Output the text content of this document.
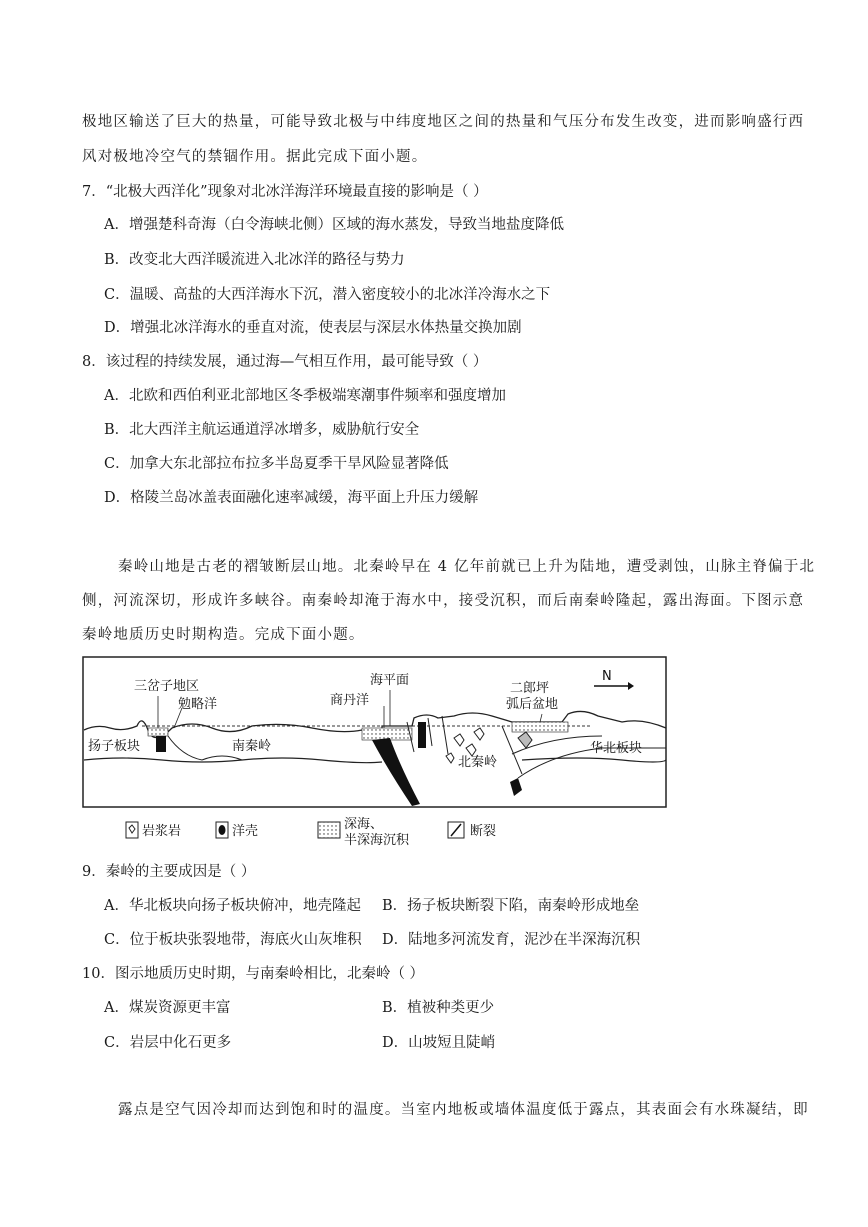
极地区输送了巨大的热量，可能导致北极与中纬度地区之间的热量和气压分布发生改变，进而影响盛行西
风对极地冷空气的禁锢作用。据此完成下面小题。
7．“北极大西洋化”现象对北冰洋海洋环境最直接的影响是（ ）
A．增强楚科奇海（白令海峡北侧）区域的海水蒸发，导致当地盐度降低
B．改变北大西洋暖流进入北冰洋的路径与势力
C．温暖、高盐的大西洋海水下沉，潜入密度较小的北冰洋冷海水之下
D．增强北冰洋海水的垂直对流，使表层与深层水体热量交换加剧
8．该过程的持续发展，通过海—气相互作用，最可能导致（ ）
A．北欧和西伯利亚北部地区冬季极端寒潮事件频率和强度增加
B．北大西洋主航运通道浮冰增多，威胁航行安全
C．加拿大东北部拉布拉多半岛夏季干旱风险显著降低
D．格陵兰岛冰盖表面融化速率减缓，海平面上升压力缓解
秦岭山地是古老的褶皱断层山地。北秦岭早在 4 亿年前就已上升为陆地，遭受剥蚀，山脉主脊偏于北
侧，河流深切，形成许多峡谷。南秦岭却淹于海水中，接受沉积，而后南秦岭隆起，露出海面。下图示意
秦岭地质历史时期构造。完成下面小题。
三岔子地区
勉略洋
海平面
商丹洋
二郎坪
弧后盆地
N
扬子板块	南秦岭
北秦岭
华北板块
岩浆岩	洋壳	深海、
半深海沉积
断裂
9．秦岭的主要成因是（ ）
A．华北板块向扬子板块俯冲，地壳隆起 B．扬子板块断裂下陷，南秦岭形成地垒
C．位于板块张裂地带，海底火山灰堆积 D．陆地多河流发育，泥沙在半深海沉积
10．图示地质历史时期，与南秦岭相比，北秦岭（ ）
A．煤炭资源更丰富	B．植被种类更少
C．岩层中化石更多	D．山坡短且陡峭
露点是空气因冷却而达到饱和时的温度。当室内地板或墙体温度低于露点，其表面会有水珠凝结，即
